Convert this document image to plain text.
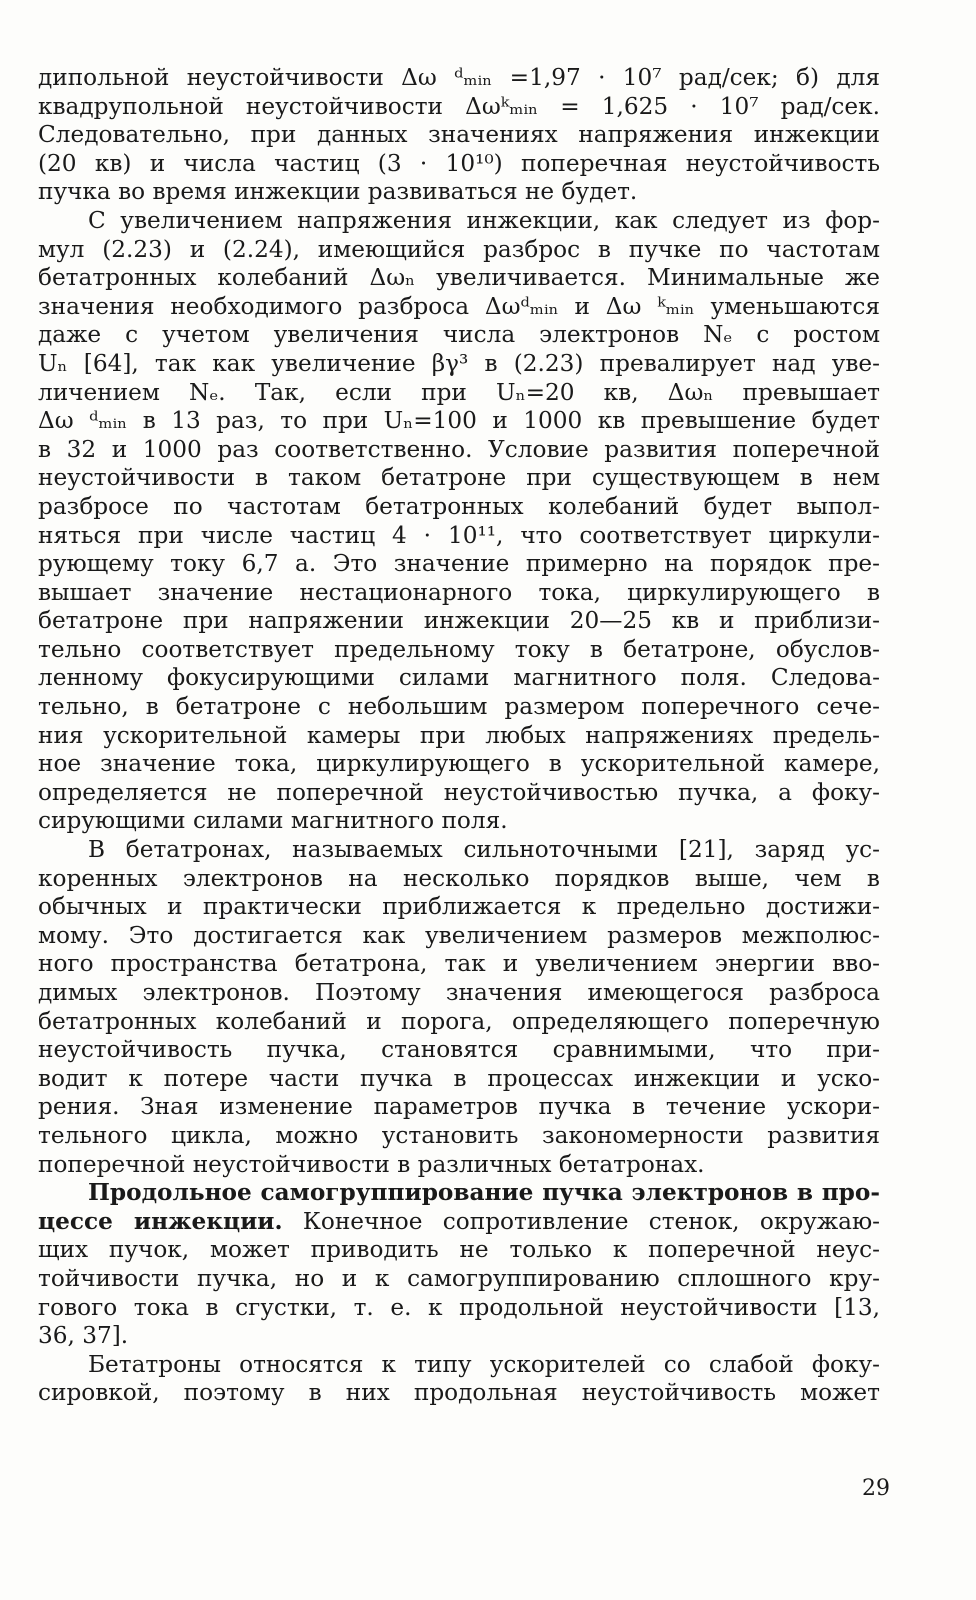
дипольной неустойчивости Δω ᵈₘᵢₙ =1,97 · 10⁷ рад/сек; б) для
квадрупольной неустойчивости Δωᵏₘᵢₙ = 1,625 · 10⁷ рад/сек.
Следовательно, при данных значениях напряжения инжекции
(20 кв) и числа частиц (3 · 10¹⁰) поперечная неустойчивость
пучка во время инжекции развиваться не будет.
С увеличением напряжения инжекции, как следует из фор-
мул (2.23) и (2.24), имеющийся разброс в пучке по частотам
бетатронных колебаний Δωₙ увеличивается. Минимальные же
значения необходимого разброса Δωᵈₘᵢₙ и Δω ᵏₘᵢₙ уменьшаются
даже с учетом увеличения числа электронов Nₑ с ростом
Uₙ [64], так как увеличение βγ³ в (2.23) превалирует над уве-
личением Nₑ. Так, если при Uₙ=20 кв, Δωₙ превышает
Δω ᵈₘᵢₙ в 13 раз, то при Uₙ=100 и 1000 кв превышение будет
в 32 и 1000 раз соответственно. Условие развития поперечной
неустойчивости в таком бетатроне при существующем в нем
разбросе по частотам бетатронных колебаний будет выпол-
няться при числе частиц 4 · 10¹¹, что соответствует циркули-
рующему току 6,7 а. Это значение примерно на порядок пре-
вышает значение нестационарного тока, циркулирующего в
бетатроне при напряжении инжекции 20—25 кв и приблизи-
тельно соответствует предельному току в бетатроне, обуслов-
ленному фокусирующими силами магнитного поля. Следова-
тельно, в бетатроне с небольшим размером поперечного сече-
ния ускорительной камеры при любых напряжениях предель-
ное значение тока, циркулирующего в ускорительной камере,
определяется не поперечной неустойчивостью пучка, а фоку-
сирующими силами магнитного поля.
В бетатронах, называемых сильноточными [21], заряд ус-
коренных электронов на несколько порядков выше, чем в
обычных и практически приближается к предельно достижи-
мому. Это достигается как увеличением размеров межполюс-
ного пространства бетатрона, так и увеличением энергии вво-
димых электронов. Поэтому значения имеющегося разброса
бетатронных колебаний и порога, определяющего поперечную
неустойчивость пучка, становятся сравнимыми, что при-
водит к потере части пучка в процессах инжекции и уско-
рения. Зная изменение параметров пучка в течение ускори-
тельного цикла, можно установить закономерности развития
поперечной неустойчивости в различных бетатронах.
Продольное самогруппирование пучка электронов в про-
цессе инжекции. Конечное сопротивление стенок, окружаю-
щих пучок, может приводить не только к поперечной неус-
тойчивости пучка, но и к самогруппированию сплошного кру-
гового тока в сгустки, т. е. к продольной неустойчивости [13,
36, 37].
Бетатроны относятся к типу ускорителей со слабой фоку-
сировкой, поэтому в них продольная неустойчивость может
29
